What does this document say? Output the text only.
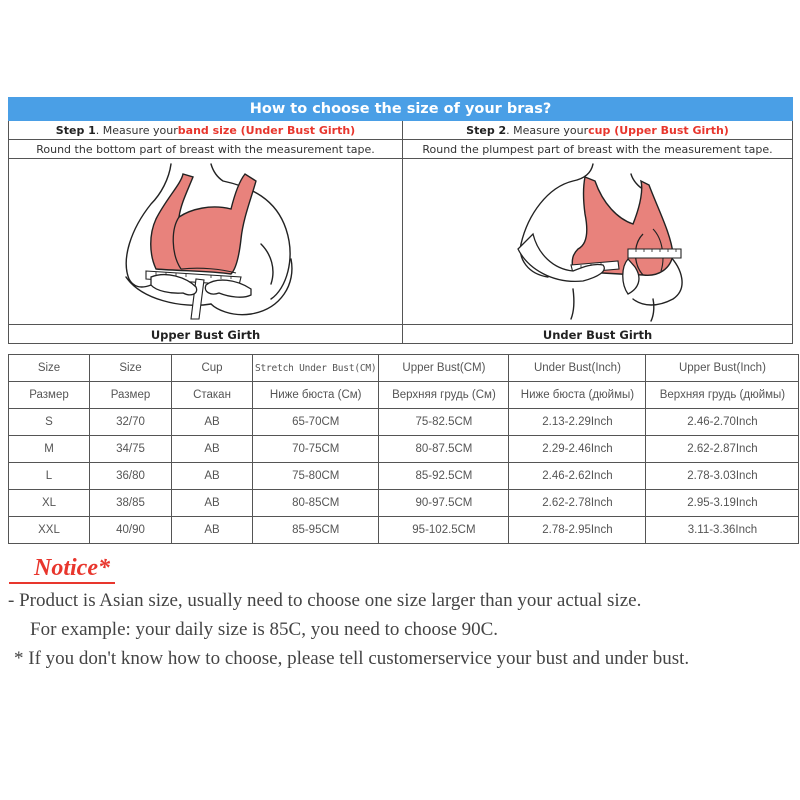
How to choose the size of your bras?
Step 1 . Measure your band size (Under Bust Girth)
Round the bottom part of breast with the measurement tape.
Upper Bust Girth
Step 2 . Measure your cup (Upper Bust Girth)
Round the plumpest part of breast with the measurement tape.
Under Bust Girth
Size	Size	Cup	Stretch Under Bust(CM)	Upper Bust(CM)	Under Bust(Inch)	Upper Bust(Inch)
Размер	Размер	Стакан	Ниже бюста (См)	Верхняя грудь (См)	Ниже бюста (дюймы)	Верхняя грудь (дюймы)
S	32/70	AB	65-70CM	75-82.5CM	2.13-2.29Inch	2.46-2.70Inch
M	34/75	AB	70-75CM	80-87.5CM	2.29-2.46Inch	2.62-2.87Inch
L	36/80	AB	75-80CM	85-92.5CM	2.46-2.62Inch	2.78-3.03Inch
XL	38/85	AB	80-85CM	90-97.5CM	2.62-2.78Inch	2.95-3.19Inch
XXL	40/90	AB	85-95CM	95-102.5CM	2.78-2.95Inch	3.11-3.36Inch
Notice*
- Product is Asian size, usually need to choose one size larger than your actual size.
For example: your daily size is 85C, you need to choose 90C.
* If you don't know how to choose, please tell customerservice your bust and under bust.
